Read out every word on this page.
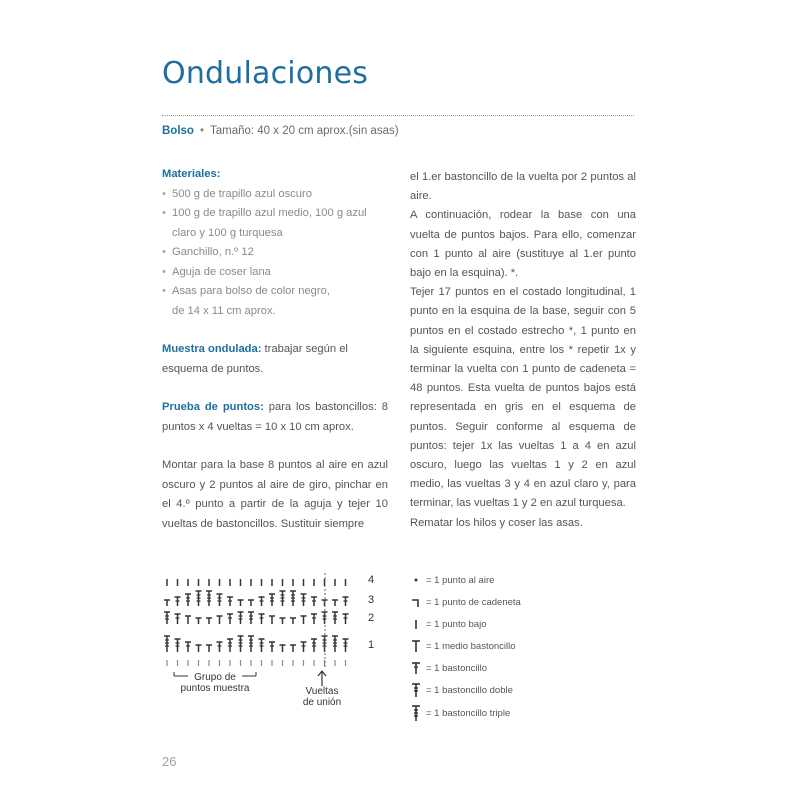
Ondulaciones
Bolso • Tamaño: 40 x 20 cm aprox.(sin asas)

Materiales:

• 500 g de trapillo azul oscuro
• 100 g de trapillo azul medio, 100 g azul
claro y 100 g turquesa
• Ganchillo, n.º 12
• Aguja de coser lana
• Asas para bolso de color negro,
de 14 x 11 cm aprox.

Muestra ondulada: trabajar según el esquema de puntos.

Prueba de puntos: para los bastoncillos: 8 puntos x 4 vueltas = 10 x 10 cm aprox.

Montar para la base 8 puntos al aire en azul oscuro y 2 puntos al aire de giro, pinchar en el 4.º punto a partir de la aguja y tejer 10 vueltas de bastoncillos. Sustituir siempre

el 1.er bastoncillo de la vuelta por 2 puntos al aire.

A continuación, rodear la base con una vuelta de puntos bajos. Para ello, comenzar con 1 punto al aire (sustituye al 1.er punto bajo en la esquina). *.

Tejer 17 puntos en el costado longitudinal, 1 punto en la esquina de la base, seguir con 5 puntos en el costado estrecho *, 1 punto en la siguiente esquina, entre los * repetir 1x y terminar la vuelta con 1 punto de cadeneta = 48 puntos. Esta vuelta de puntos bajos está representada en gris en el esquema de puntos. Seguir conforme al esquema de puntos: tejer 1x las vueltas 1 a 4 en azul oscuro, luego las vueltas 1 y 2 en azul medio, las vueltas 3 y 4 en azul claro y, para terminar, las vueltas 1 y 2 en azul turquesa.

Rematar los hilos y coser las asas.

4
3
2
1
Grupo de
puntos muestra	Vueltas
de unión
= 1 punto al aire
= 1 punto de cadeneta
= 1 punto bajo
= 1 medio bastoncillo
= 1 bastoncillo
= 1 bastoncillo doble
= 1 bastoncillo triple
26
